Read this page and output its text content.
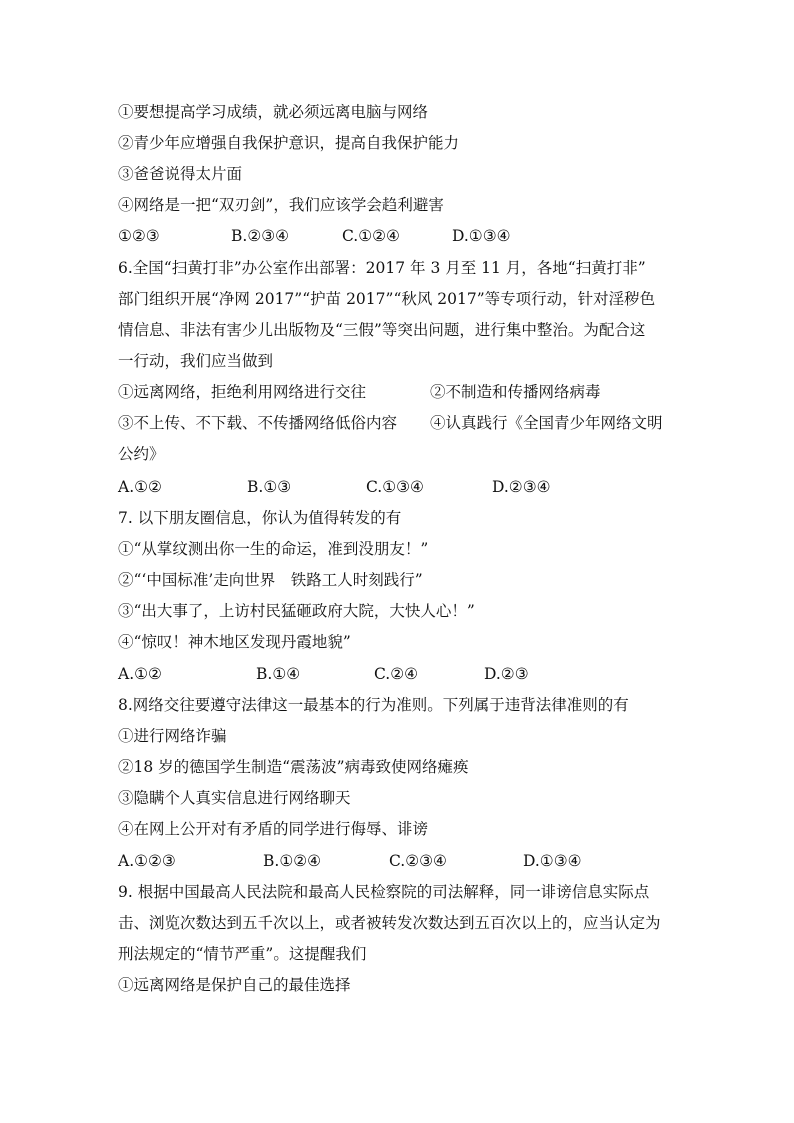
①要想提高学习成绩，就必须远离电脑与网络
②青少年应增强自我保护意识，提高自我保护能力
③爸爸说得太片面
④网络是一把“双刃剑”，我们应该学会趋利避害
①②③	B.②③④	C.①②④	D.①③④
6.全国“扫黄打非”办公室作出部署：2017 年 3 月至 11 月，各地“扫黄打非”
部门组织开展“净网 2017”“护苗 2017”“秋风 2017”等专项行动，针对淫秽色
情信息、非法有害少儿出版物及“三假”等突出问题，进行集中整治。为配合这
一行动，我们应当做到
①远离网络，拒绝利用网络进行交往	②不制造和传播网络病毒
③不上传、不下载、不传播网络低俗内容 ④认真践行《全国青少年网络文明
公约》
A.①②	B.①③	C.①③④	D.②③④
7. 以下朋友圈信息，你认为值得转发的有
①“从掌纹测出你一生的命运，准到没朋友！”
②“‘中国标准’走向世界　铁路工人时刻践行”
③“出大事了，上访村民猛砸政府大院，大快人心！”
④“惊叹！神木地区发现丹霞地貌”
A.①②	B.①④	C.②④	D.②③
8.网络交往要遵守法律这一最基本的行为准则。下列属于违背法律准则的有
①进行网络诈骗
②18 岁的德国学生制造“震荡波”病毒致使网络瘫痪
③隐瞒个人真实信息进行网络聊天
④在网上公开对有矛盾的同学进行侮辱、诽谤
A.①②③	B.①②④	C.②③④	D.①③④
9. 根据中国最高人民法院和最高人民检察院的司法解释，同一诽谤信息实际点
击、浏览次数达到五千次以上，或者被转发次数达到五百次以上的，应当认定为
刑法规定的“情节严重”。这提醒我们
①远离网络是保护自己的最佳选择
